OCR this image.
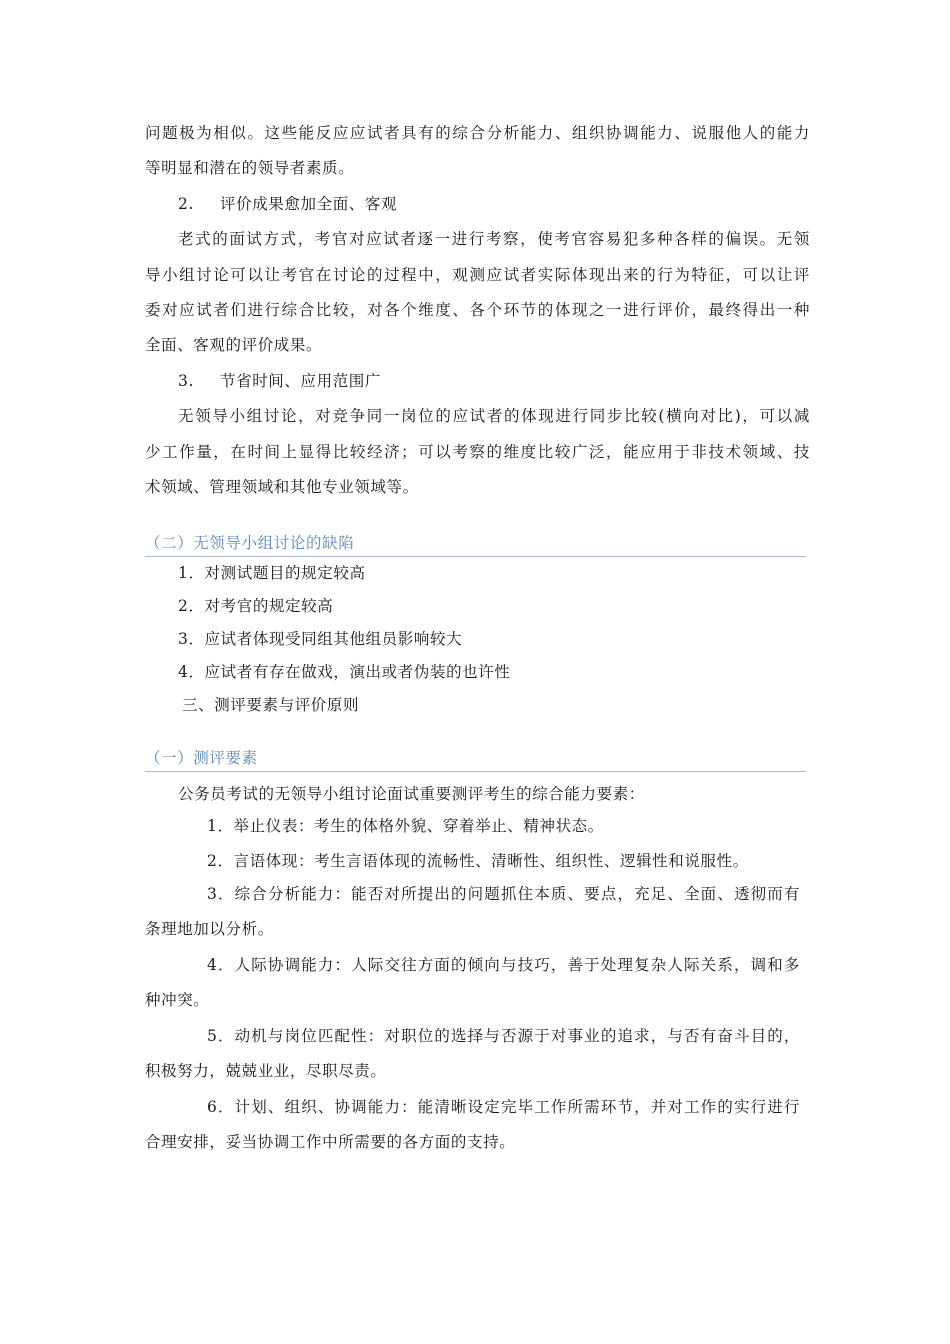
问题极为相似。这些能反应应试者具有的综合分析能力、组织协调能力、说服他人的能力
等明显和潜在的领导者素质。
2. 评价成果愈加全面、客观
老式的面试方式，考官对应试者逐一进行考察，使考官容易犯多种各样的偏误。无领
导小组讨论可以让考官在讨论的过程中，观测应试者实际体现出来的行为特征，可以让评
委对应试者们进行综合比较，对各个维度、各个环节的体现之一进行评价，最终得出一种
全面、客观的评价成果。
3. 节省时间、应用范围广
无领导小组讨论，对竞争同一岗位的应试者的体现进行同步比较(横向对比)，可以减
少工作量，在时间上显得比较经济；可以考察的维度比较广泛，能应用于非技术领域、技
术领域、管理领域和其他专业领域等。
（二）无领导小组讨论的缺陷
1．对测试题目的规定较高
2．对考官的规定较高
3．应试者体现受同组其他组员影响较大
4．应试者有存在做戏，演出或者伪装的也许性
三、测评要素与评价原则
（一）测评要素
公务员考试的无领导小组讨论面试重要测评考生的综合能力要素：
1．举止仪表：考生的体格外貌、穿着举止、精神状态。
2．言语体现：考生言语体现的流畅性、清晰性、组织性、逻辑性和说服性。
3．综合分析能力：能否对所提出的问题抓住本质、要点，充足、全面、透彻而有
条理地加以分析。
4．人际协调能力：人际交往方面的倾向与技巧，善于处理复杂人际关系，调和多
种冲突。
5．动机与岗位匹配性：对职位的选择与否源于对事业的追求，与否有奋斗目的，
积极努力，兢兢业业，尽职尽责。
6．计划、组织、协调能力：能清晰设定完毕工作所需环节，并对工作的实行进行
合理安排，妥当协调工作中所需要的各方面的支持。
